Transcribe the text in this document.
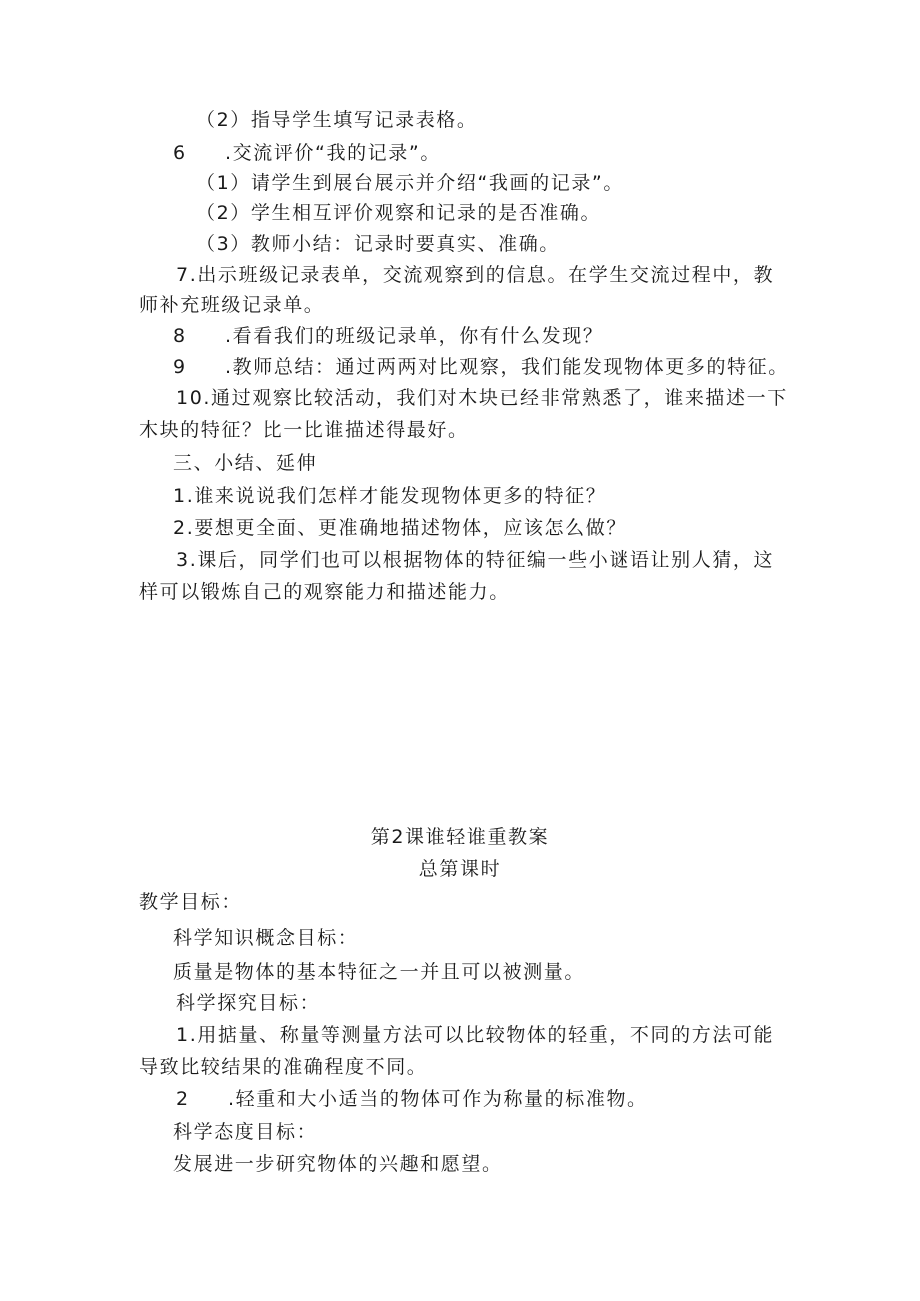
（2）指导学生填写记录表格。
6 .交流评价“我的记录”。
（1）请学生到展台展示并介绍“我画的记录”。
（2）学生相互评价观察和记录的是否准确。
（3）教师小结：记录时要真实、准确。
7.出示班级记录表单，交流观察到的信息。在学生交流过程中，教
师补充班级记录单。
8 .看看我们的班级记录单，你有什么发现？
9 .教师总结：通过两两对比观察，我们能发现物体更多的特征。
10.通过观察比较活动，我们对木块已经非常熟悉了，谁来描述一下
木块的特征？比一比谁描述得最好。
三、小结、延伸
1.谁来说说我们怎样才能发现物体更多的特征？
2.要想更全面、更准确地描述物体，应该怎么做？
3.课后，同学们也可以根据物体的特征编一些小谜语让别人猜，这
样可以锻炼自己的观察能力和描述能力。
第2课谁轻谁重教案
总第课时
教学目标：
科学知识概念目标：
质量是物体的基本特征之一并且可以被测量。
科学探究目标：
1.用掂量、称量等测量方法可以比较物体的轻重，不同的方法可能
导致比较结果的准确程度不同。
2 .轻重和大小适当的物体可作为称量的标准物。
科学态度目标：
发展进一步研究物体的兴趣和愿望。
